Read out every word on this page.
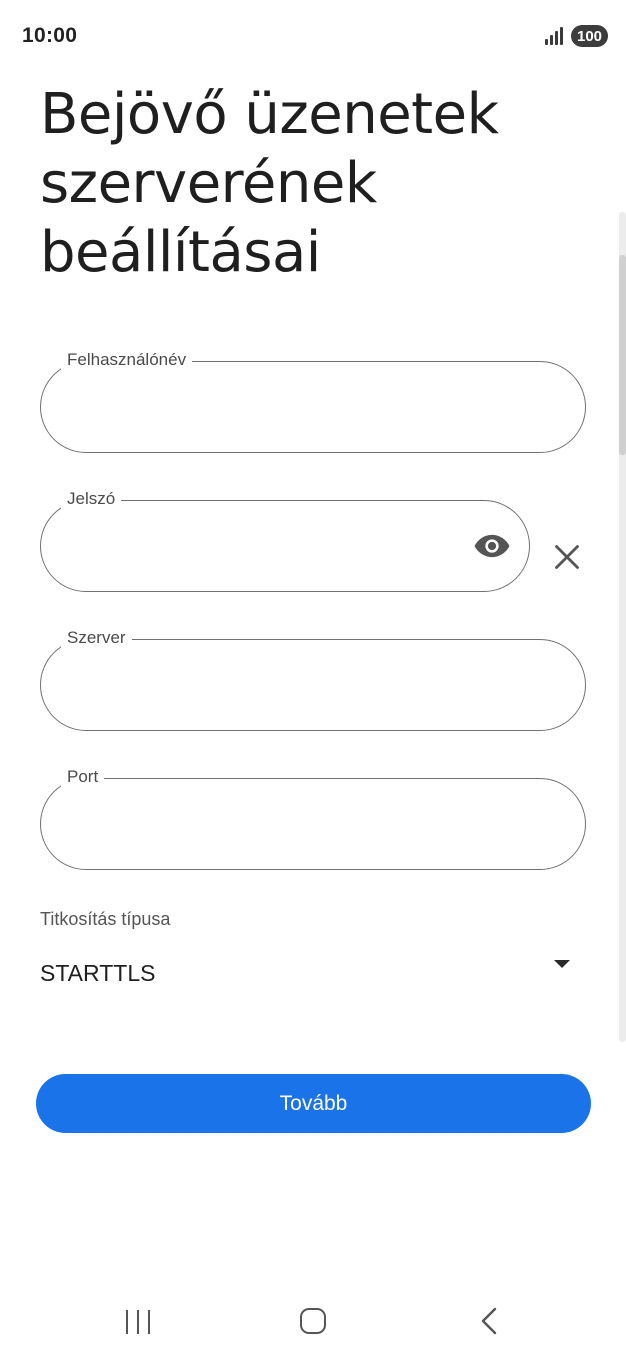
10:00	100
Bejövő üzenetek szerverének beállításai
Felhasználónév
Jelszó
Szerver
Port
Titkosítás típusa
STARTTLS
Tovább
